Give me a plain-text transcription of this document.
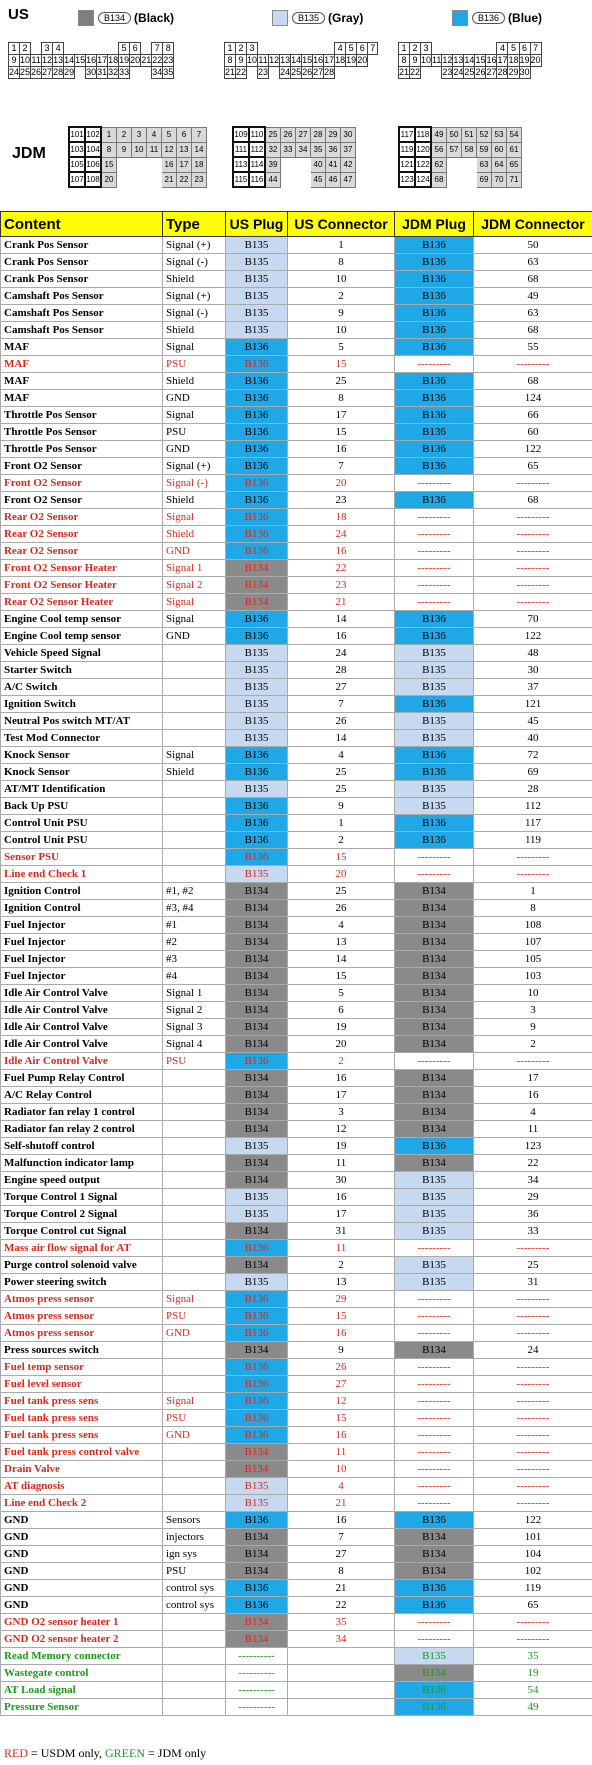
US	B134 (Black)	B135 (Gray)	B136 (Blue)
1	2		3	4						5	6		7	8
9	10	11	12	13	14	15	16	17	18	19	20	21	22	23
24	25	26	27	28	29		30	31	32	33			34	35
1	2	3								4	5	6	7
8	9	10	11	12	13	14	15	16	17	18	19	20	
21	22		23		24	25	26	27	28				
1	2	3							4	5	6	7
8	9	10	11	12	13	14	15	16	17	18	19	20
21	22			23	24	25	26	27	28	29	30	
JDM
101	102	1	2	3	4	5	6	7
103	104	8	9	10	11	12	13	14
105	106	15				16	17	18
107	108	20				21	22	23
109	110	25	26	27	28	29	30
111	112	32	33	34	35	36	37
113	114	39			40	41	42
115	116	44			45	46	47
117	118	49	50	51	52	53	54
119	120	56	57	58	59	60	61
121	122	62			63	64	65
123	124	68			69	70	71
Content	Type	US Plug	US Connector	JDM Plug	JDM Connector
Crank Pos Sensor	Signal (+)	B135	1	B136	50
Crank Pos Sensor	Signal (-)	B135	8	B136	63
Crank Pos Sensor	Shield	B135	10	B136	68
Camshaft Pos Sensor	Signal (+)	B135	2	B136	49
Camshaft Pos Sensor	Signal (-)	B135	9	B136	63
Camshaft Pos Sensor	Shield	B135	10	B136	68
MAF	Signal	B136	5	B136	55
MAF	PSU	B136	15	---------	---------
MAF	Shield	B136	25	B136	68
MAF	GND	B136	8	B136	124
Throttle Pos Sensor	Signal	B136	17	B136	66
Throttle Pos Sensor	PSU	B136	15	B136	60
Throttle Pos Sensor	GND	B136	16	B136	122
Front O2 Sensor	Signal (+)	B136	7	B136	65
Front O2 Sensor	Signal (-)	B136	20	---------	---------
Front O2 Sensor	Shield	B136	23	B136	68
Rear O2 Sensor	Signal	B136	18	---------	---------
Rear O2 Sensor	Shield	B136	24	---------	---------
Rear O2 Sensor	GND	B136	16	---------	---------
Front O2 Sensor Heater	Signal 1	B134	22	---------	---------
Front O2 Sensor Heater	Signal 2	B134	23	---------	---------
Rear O2 Sensor Heater	Signal	B134	21	---------	---------
Engine Cool temp sensor	Signal	B136	14	B136	70
Engine Cool temp sensor	GND	B136	16	B136	122
Vehicle Speed Signal		B135	24	B135	48
Starter Switch		B135	28	B135	30
A/C Switch		B135	27	B135	37
Ignition Switch		B135	7	B136	121
Neutral Pos switch MT/AT		B135	26	B135	45
Test Mod Connector		B135	14	B135	40
Knock Sensor	Signal	B136	4	B136	72
Knock Sensor	Shield	B136	25	B136	69
AT/MT Identification		B135	25	B135	28
Back Up PSU		B136	9	B135	112
Control Unit PSU		B136	1	B136	117
Control Unit PSU		B136	2	B136	119
Sensor PSU		B136	15	---------	---------
Line end Check 1		B135	20	---------	---------
Ignition Control	#1, #2	B134	25	B134	1
Ignition Control	#3, #4	B134	26	B134	8
Fuel Injector	#1	B134	4	B134	108
Fuel Injector	#2	B134	13	B134	107
Fuel Injector	#3	B134	14	B134	105
Fuel Injector	#4	B134	15	B134	103
Idle Air Control Valve	Signal 1	B134	5	B134	10
Idle Air Control Valve	Signal 2	B134	6	B134	3
Idle Air Control Valve	Signal 3	B134	19	B134	9
Idle Air Control Valve	Signal 4	B134	20	B134	2
Idle Air Control Valve	PSU	B136	2	---------	---------
Fuel Pump Relay Control		B134	16	B134	17
A/C Relay Control		B134	17	B134	16
Radiator fan relay 1 control		B134	3	B134	4
Radiator fan relay 2 control		B134	12	B134	11
Self-shutoff control		B135	19	B136	123
Malfunction indicator lamp		B134	11	B134	22
Engine speed output		B134	30	B135	34
Torque Control 1 Signal		B135	16	B135	29
Torque Control 2 Signal		B135	17	B135	36
Torque Control cut Signal		B134	31	B135	33
Mass air flow signal for AT		B136	11	---------	---------
Purge control solenoid valve		B134	2	B135	25
Power steering switch		B135	13	B135	31
Atmos press sensor	Signal	B136	29	---------	---------
Atmos press sensor	PSU	B136	15	---------	---------
Atmos press sensor	GND	B136	16	---------	---------
Press sources switch		B134	9	B134	24
Fuel temp sensor		B136	26	---------	---------
Fuel level sensor		B136	27	---------	---------
Fuel tank press sens	Signal	B136	12	---------	---------
Fuel tank press sens	PSU	B136	15	---------	---------
Fuel tank press sens	GND	B136	16	---------	---------
Fuel tank press control valve		B134	11	---------	---------
Drain Valve		B134	10	---------	---------
AT diagnosis		B135	4	---------	---------
Line end Check 2		B135	21	---------	---------
GND	Sensors	B136	16	B136	122
GND	injectors	B134	7	B134	101
GND	ign sys	B134	27	B134	104
GND	PSU	B134	8	B134	102
GND	control sys	B136	21	B136	119
GND	control sys	B136	22	B136	65
GND O2 sensor heater 1		B134	35	---------	---------
GND O2 sensor heater 2		B134	34	---------	---------
Read Memory connector		----------		B135	35
Wastegate control		----------		B134	19
AT Load signal		----------		B136	54
Pressure Sensor		----------		B136	49
RED = USDM only, GREEN = JDM only
